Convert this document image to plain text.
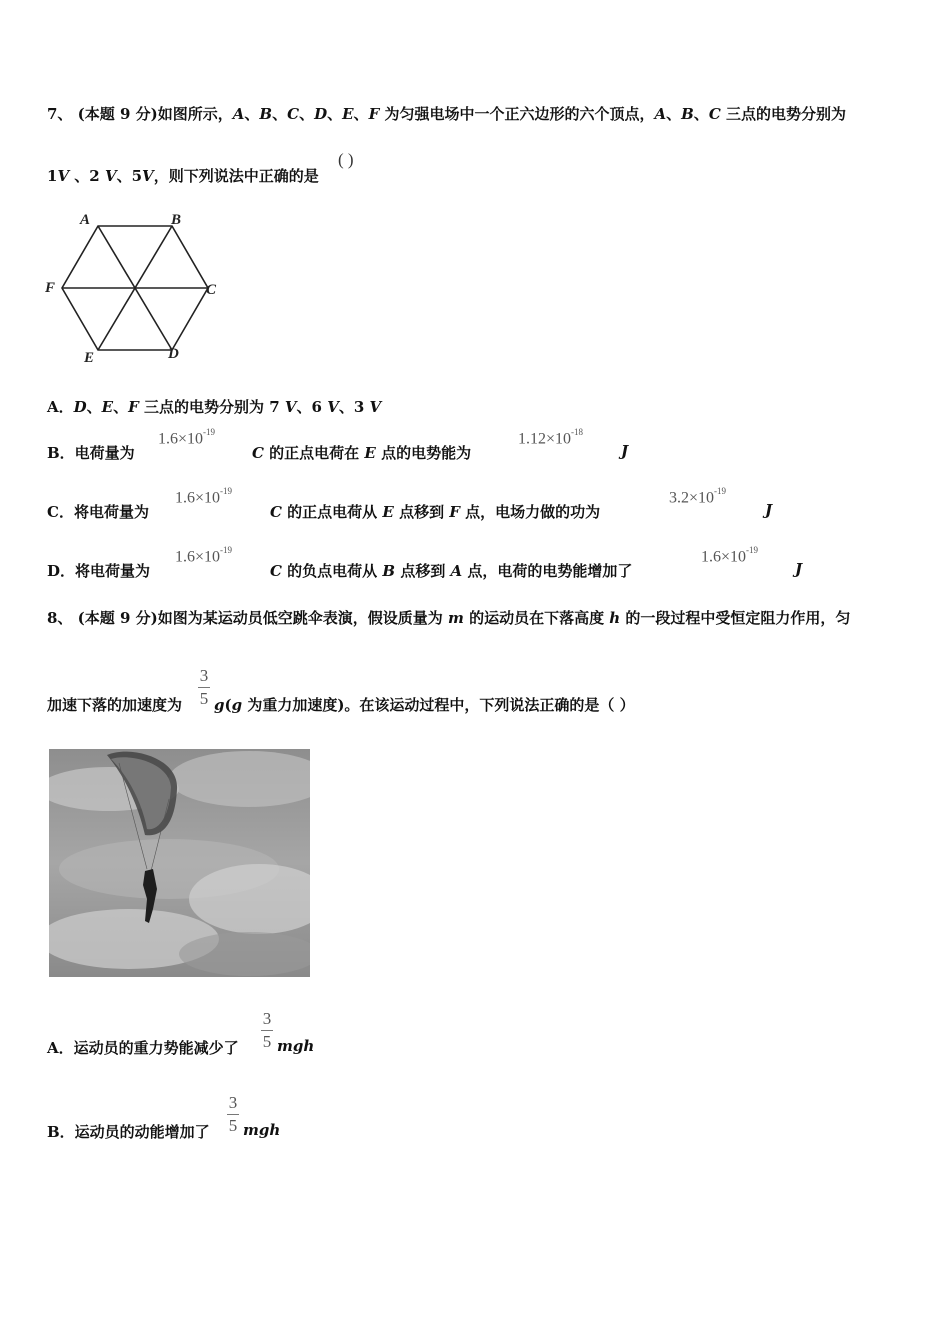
7、 (本题 9 分)如图所示，A、B、C、D、E、F 为匀强电场中一个正六边形的六个顶点，A、B、C 三点的电势分别为
1V 、2 V、5V，则下列说法中正确的是
( )
A	B
C
D
E
F
A．D、E、F 三点的电势分别为 7 V、6 V、3 V
B．电荷量为
$1.6\times 10^{-19}$
C 的正点电荷在 E 点的电势能为
$1.12\times 10^{-18}$
J
C．将电荷量为
$1.6\times 10^{-19}$
C 的正点电荷从 E 点移到 F 点，电场力做的功为
$3.2\times 10^{-19}$
J
D．将电荷量为
$1.6\times 10^{-19}$
C 的负点电荷从 B 点移到 A 点，电荷的电势能增加了
$1.6\times 10^{-19}$
J
8、 (本题 9 分)如图为某运动员低空跳伞表演，假设质量为 m 的运动员在下落高度 h 的一段过程中受恒定阻力作用，匀
加速下落的加速度为
3
5 g(g 为重力加速度)。在该运动过程中，下列说法正确的是（ ）
A．运动员的重力势能减少了
3
5 mgh
B．运动员的动能增加了
3
5 mgh
